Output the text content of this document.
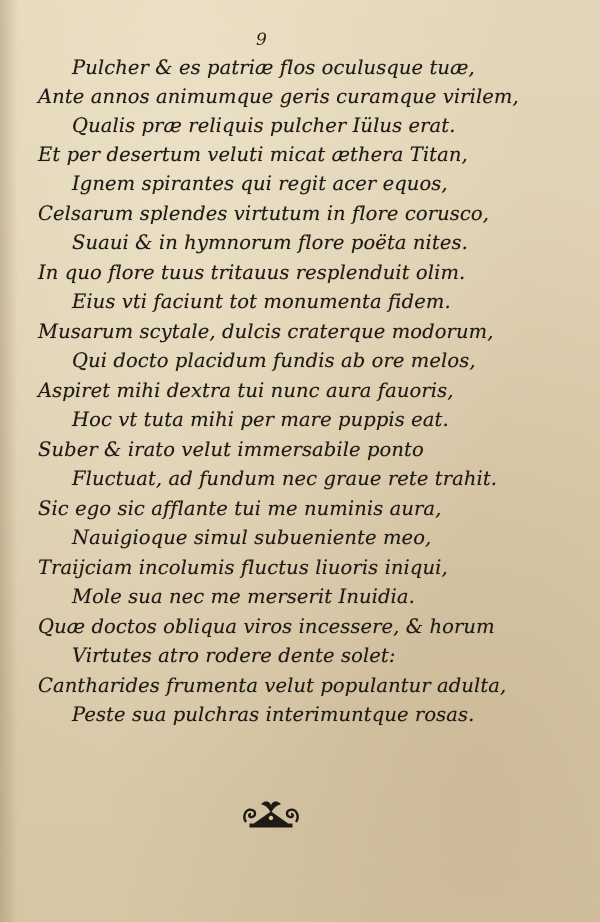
9
Pulcher & es patriæ flos oculusque tuæ,
Ante annos animumque geris curamque virilem,
Qualis præ reliquis pulcher Iülus erat.
Et per desertum veluti micat æthera Titan,
Ignem spirantes qui regit acer equos,
Celsarum splendes virtutum in flore corusco,
Suaui & in hymnorum flore poëta nites.
In quo flore tuus tritauus resplenduit olim.
Eius vti faciunt tot monumenta fidem.
Musarum scytale, dulcis craterque modorum,
Qui docto placidum fundis ab ore melos,
Aspiret mihi dextra tui nunc aura fauoris,
Hoc vt tuta mihi per mare puppis eat.
Suber & irato velut immersabile ponto
Fluctuat, ad fundum nec graue rete trahit.
Sic ego sic afflante tui me numinis aura,
Nauigioque simul subueniente meo,
Traijciam incolumis fluctus liuoris iniqui,
Mole sua nec me merserit Inuidia.
Quæ doctos obliqua viros incessere, & horum
Virtutes atro rodere dente solet:
Cantharides frumenta velut populantur adulta,
Peste sua pulchras interimuntque rosas.
